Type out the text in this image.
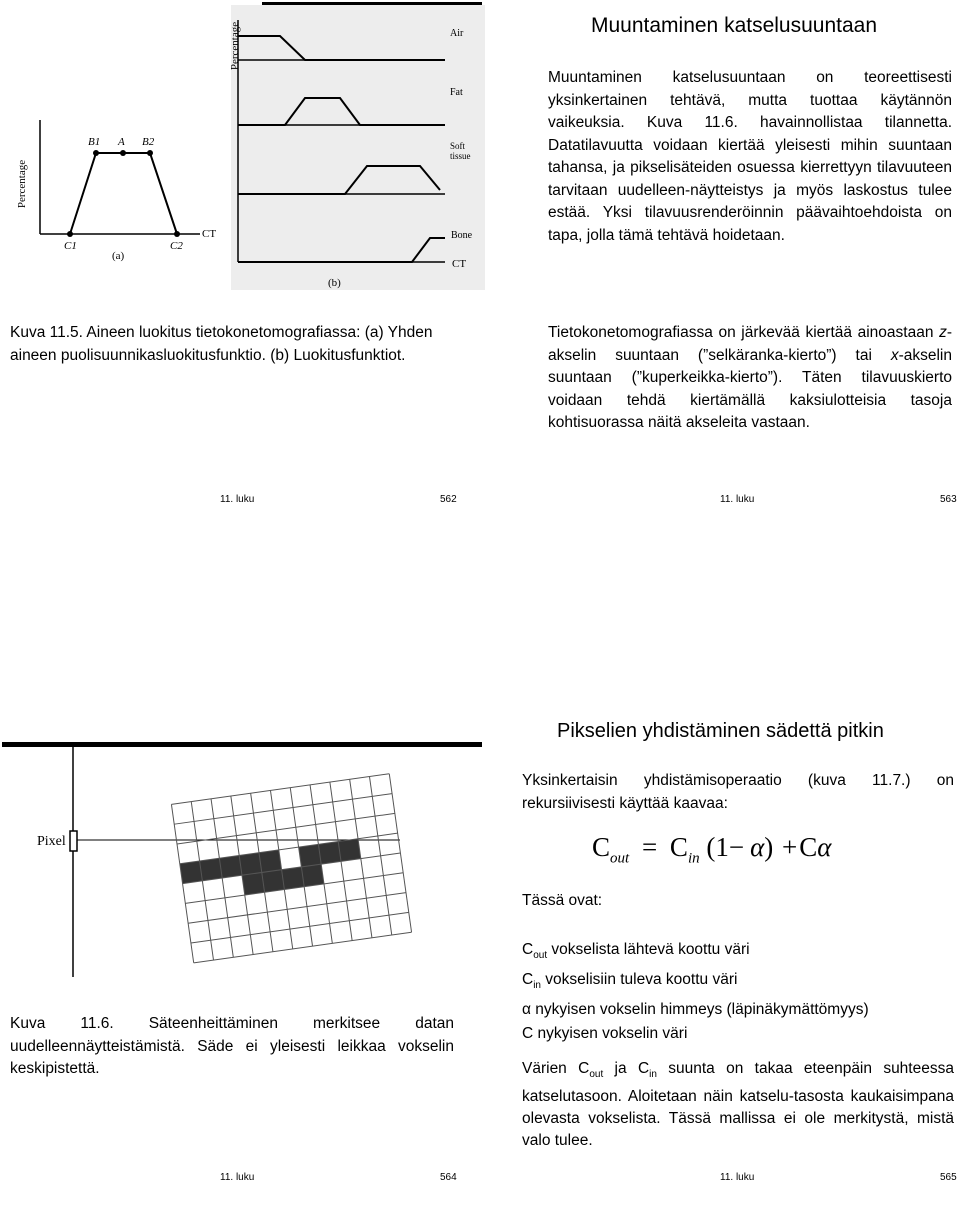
Muuntaminen katselusuuntaan
Muuntaminen katselusuuntaan on teoreettisesti yksinkertainen tehtävä, mutta tuottaa käytännön vaikeuksia. Kuva 11.6. havainnollistaa tilannetta. Datatilavuutta voidaan kiertää yleisesti mihin suuntaan tahansa, ja pikselisäteiden osuessa kierrettyyn tilavuuteen tarvitaan uudelleen-näytteistys ja myös laskostus tulee estää. Yksi tilavuusrenderöinnin päävaihtoehdoista on tapa, jolla tämä tehtävä hoidetaan.
Percentage
B1 A B2
C1	C2
CT
(a)
Percentage	Air
Fat
Soft tissue
Bone
CT
(b)
Kuva 11.5. Aineen luokitus tietokonetomografiassa: (a) Yhden aineen puolisuunnikasluokitusfunktio. (b) Luokitusfunktiot.
Tietokonetomografiassa on järkevää kiertää ainoastaan z-akselin suuntaan (”selkäranka-kierto”) tai x-akselin suuntaan (”kuperkeikka-kierto”). Täten tilavuuskierto voidaan tehdä kiertämällä kaksiulotteisia tasoja kohtisuorassa näitä akseleita vastaan.
11. luku	562	11. luku	563
Pixel
Kuva 11.6. Säteenheittäminen merkitsee datan uudelleennäytteistämistä. Säde ei yleisesti leikkaa vokselin keskipistettä.
11. luku	564
Pikselien yhdistäminen sädettä pitkin
Yksinkertaisin yhdistämisoperaatio (kuva 11.7.) on rekursiivisesti käyttää kaavaa:
$C_{out} = C_{in}$ (1− α) +Cα
Tässä ovat:
$C_{out}$ vokselista lähtevä koottu väri
$C_{in}$ vokselisiin tuleva koottu väri
α nykyisen vokselin himmeys (läpinäkymättömyys)
C nykyisen vokselin väri
Värien $C_{out}$ ja $C_{in}$ suunta on takaa eteenpäin suhteessa katselutasoon. Aloitetaan näin katselu-tasosta kaukaisimpana olevasta vokselista. Tässä mallissa ei ole merkitystä, mistä valo tulee.
11. luku	565
